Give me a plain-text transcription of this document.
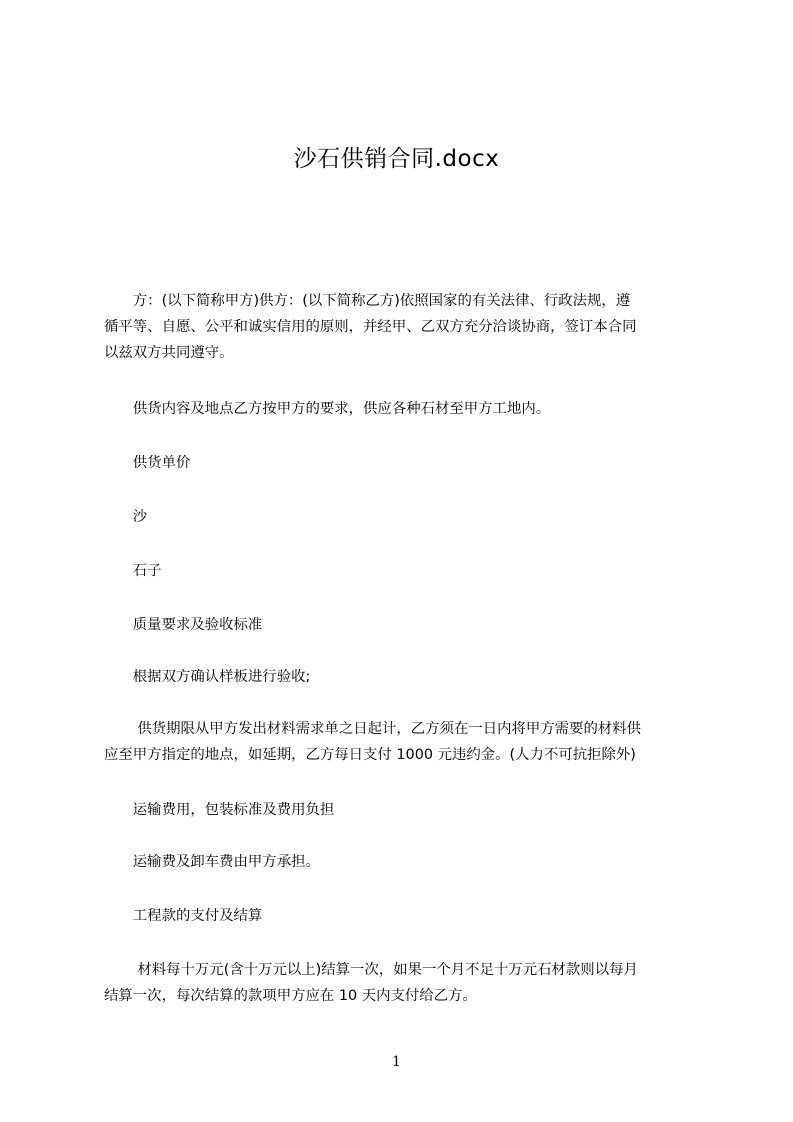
沙石供销合同.docx
　　方：(以下简称甲方)供方：(以下简称乙方)依照国家的有关法律、行政法规，遵
循平等、自愿、公平和诚实信用的原则，并经甲、乙双方充分洽谈协商，签订本合同
以兹双方共同遵守。
　　供货内容及地点乙方按甲方的要求，供应各种石材至甲方工地内。
　　供货单价
　　沙
　　石子
　　质量要求及验收标准
　　根据双方确认样板进行验收;
　　 供货期限从甲方发出材料需求单之日起计，乙方须在一日内将甲方需要的材料供
应至甲方指定的地点，如延期，乙方每日支付 1000 元违约金。(人力不可抗拒除外)
　　运输费用，包装标准及费用负担
　　运输费及卸车费由甲方承担。
　　工程款的支付及结算
　　 材料每十万元(含十万元以上)结算一次，如果一个月不足十万元石材款则以每月
结算一次，每次结算的款项甲方应在 10 天内支付给乙方。
1
